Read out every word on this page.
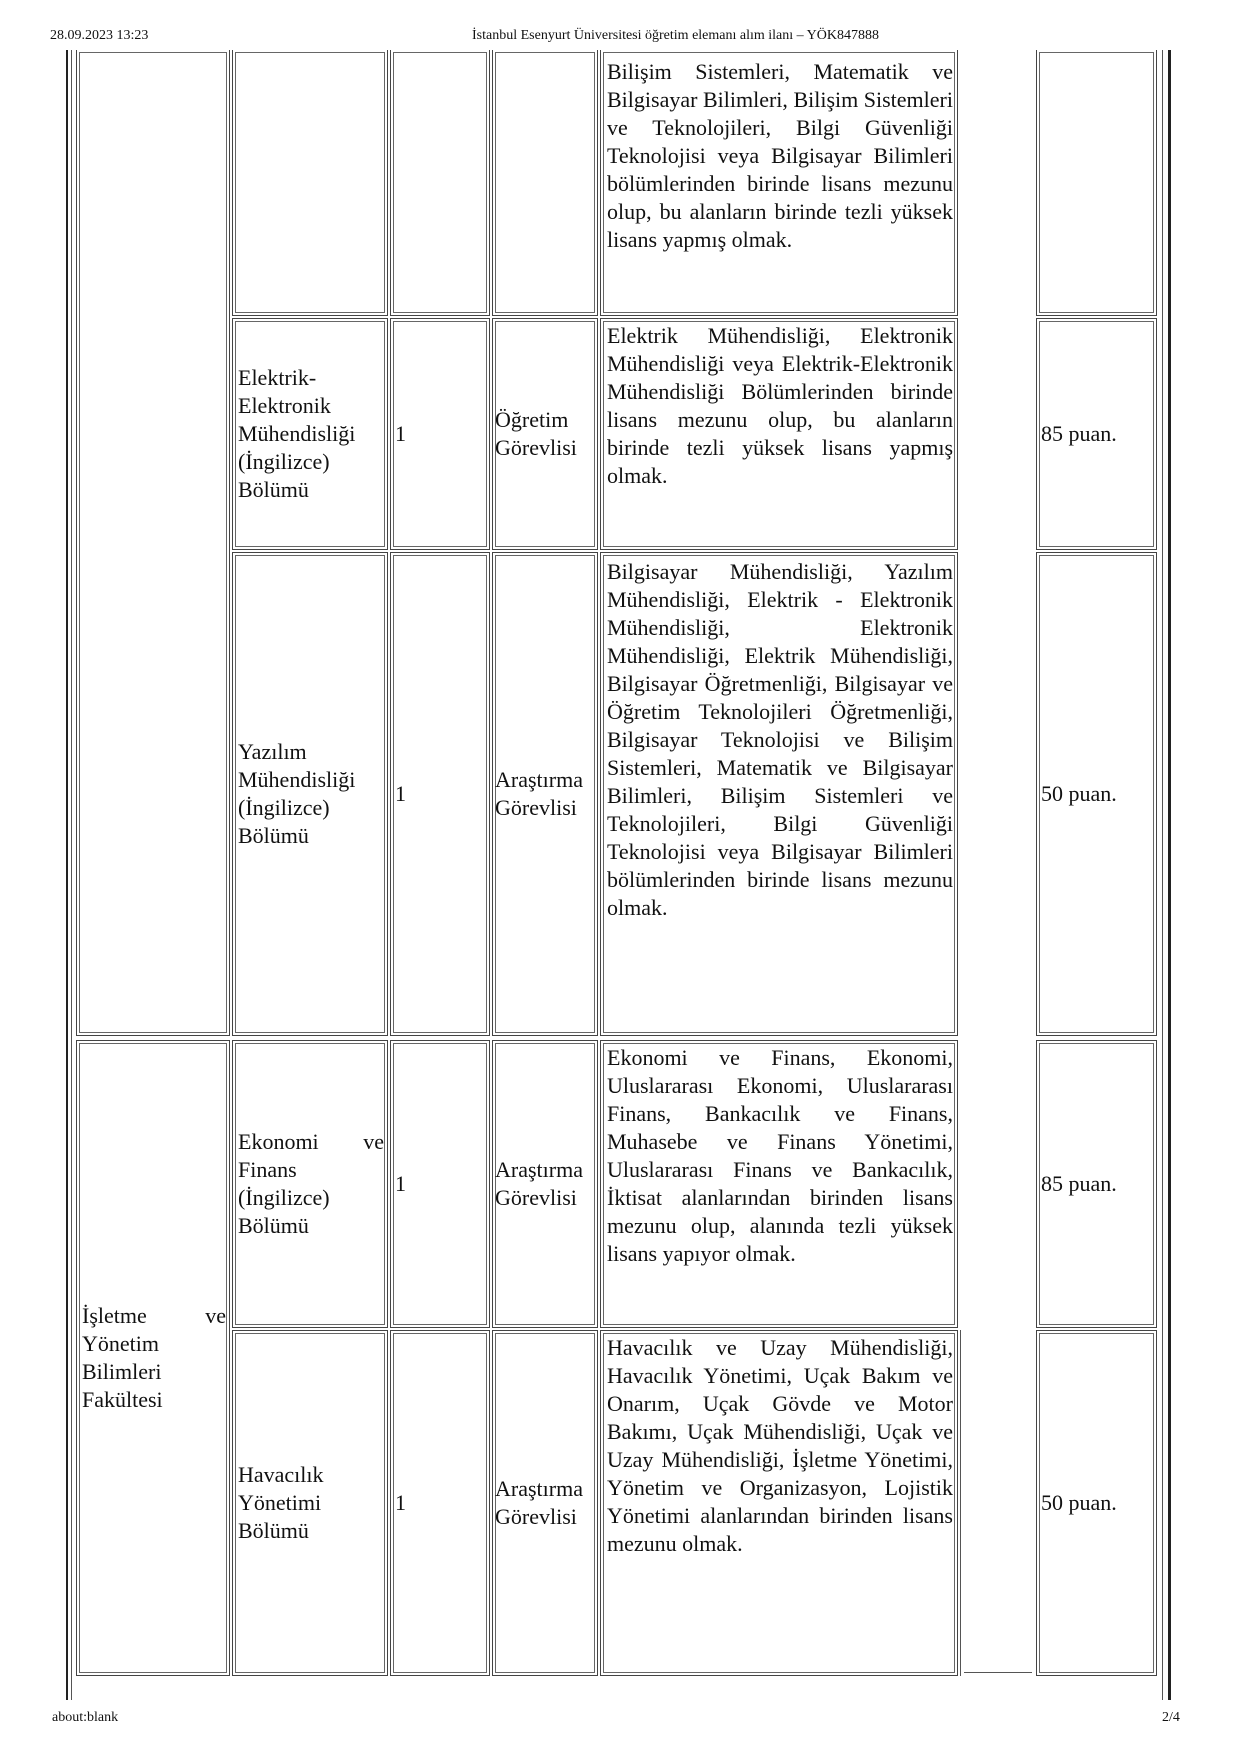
28.09.2023 13:23	İstanbul Esenyurt Üniversitesi öğretim elemanı alım ilanı – YÖK847888
Bilişim Sistemleri, Matematik ve Bilgisayar Bilimleri, Bilişim Sistemleri ve Teknolojileri, Bilgi Güvenliği Teknolojisi veya Bilgisayar Bilimleri bölümlerinden birinde lisans mezunu olup, bu alanların birinde tezli yüksek lisans yapmış olmak.
Elektrik-Elektronik Mühendisliği (İngilizce) Bölümü
1
Öğretim Görevlisi
Elektrik Mühendisliği, Elektronik Mühendisliği veya Elektrik-Elektronik Mühendisliği Bölümlerinden birinde lisans mezunu olup, bu alanların birinde tezli yüksek lisans yapmış olmak.
85 puan.
Yazılım Mühendisliği (İngilizce) Bölümü
1
Araştırma Görevlisi
Bilgisayar Mühendisliği, Yazılım Mühendisliği, Elektrik - Elektronik Mühendisliği, Elektronik Mühendisliği, Elektrik Mühendisliği, Bilgisayar Öğretmenliği, Bilgisayar ve Öğretim Teknolojileri Öğretmenliği, Bilgisayar Teknolojisi ve Bilişim Sistemleri, Matematik ve Bilgisayar Bilimleri, Bilişim Sistemleri ve Teknolojileri, Bilgi Güvenliği Teknolojisi veya Bilgisayar Bilimleri bölümlerinden birinde lisans mezunu olmak.
50 puan.
İşletme ve Yönetim Bilimleri Fakültesi
Ekonomi ve Finans (İngilizce) Bölümü
1
Araştırma Görevlisi
Ekonomi ve Finans, Ekonomi, Uluslararası Ekonomi, Uluslararası Finans, Bankacılık ve Finans, Muhasebe ve Finans Yönetimi, Uluslararası Finans ve Bankacılık, İktisat alanlarından birinden lisans mezunu olup, alanında tezli yüksek lisans yapıyor olmak.
85 puan.
Havacılık Yönetimi Bölümü
1
Araştırma Görevlisi
Havacılık ve Uzay Mühendisliği, Havacılık Yönetimi, Uçak Bakım ve Onarım, Uçak Gövde ve Motor Bakımı, Uçak Mühendisliği, Uçak ve Uzay Mühendisliği, İşletme Yönetimi, Yönetim ve Organizasyon, Lojistik Yönetimi alanlarından birinden lisans mezunu olmak.
50 puan.
about:blank	2/4
